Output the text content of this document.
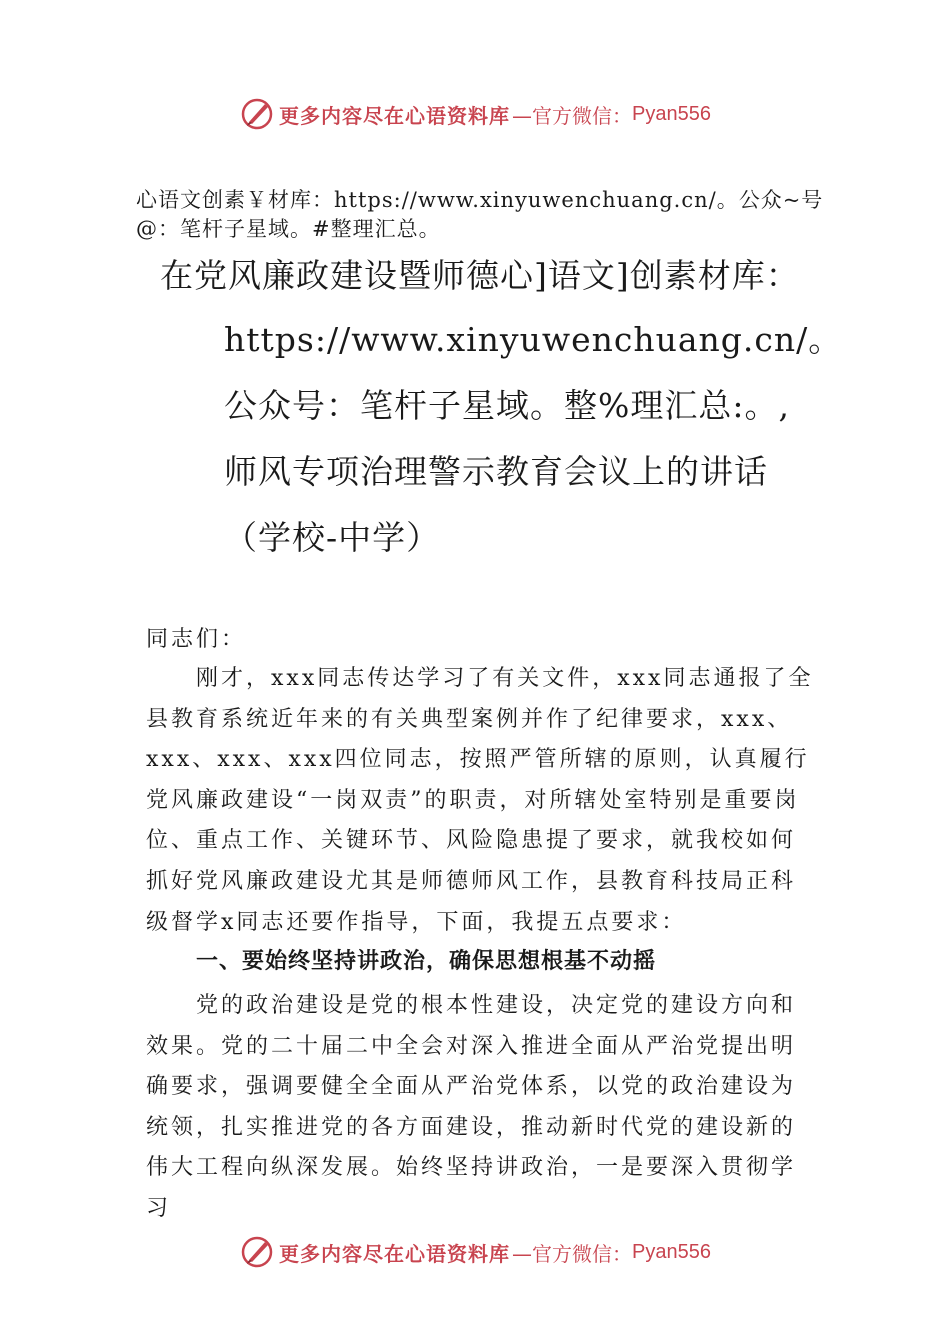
更多内容尽在心语资料库 —官方微信： Pyan556
心语文创素￥材库：https://www.xinyuwenchuang.cn/。公众~号@：笔杆子星域。#整理汇总。
在党风廉政建设暨师德心]语文]创素材库：
https://www.xinyuwenchuang.cn/。
公众号：笔杆子星域。整%理汇总:。,
师风专项治理警示教育会议上的讲话
（学校-中学）
同志们：
刚才，xxx同志传达学习了有关文件，xxx同志通报了全县教育系统近年来的有关典型案例并作了纪律要求，xxx、xxx、xxx、xxx四位同志，按照严管所辖的原则，认真履行党风廉政建设“一岗双责”的职责，对所辖处室特别是重要岗位、重点工作、关键环节、风险隐患提了要求，就我校如何抓好党风廉政建设尤其是师德师风工作，县教育科技局正科级督学x同志还要作指导，下面，我提五点要求：
一、要始终坚持讲政治，确保思想根基不动摇
党的政治建设是党的根本性建设，决定党的建设方向和效果。党的二十届二中全会对深入推进全面从严治党提出明确要求，强调要健全全面从严治党体系，以党的政治建设为统领，扎实推进党的各方面建设，推动新时代党的建设新的伟大工程向纵深发展。始终坚持讲政治，一是要深入贯彻学习
更多内容尽在心语资料库 —官方微信： Pyan556
